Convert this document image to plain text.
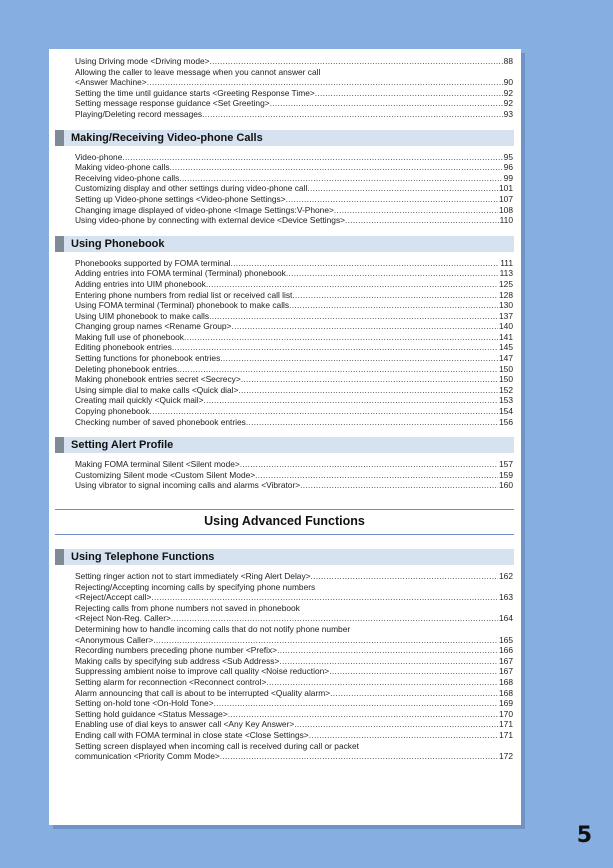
Using Driving mode <Driving mode> .....	88
Allowing the caller to leave message when you cannot answer call
<Answer Machine> .....	90
Setting the time until guidance starts <Greeting Response Time> .....	92
Setting message response guidance <Set Greeting> .....	92
Playing/Deleting record messages .....	93
Making/Receiving Video-phone Calls
Video-phone .....	95
Making video-phone calls .....	96
Receiving video-phone calls .....	99
Customizing display and other settings during video-phone call .....	101
Setting up Video-phone settings <Video-phone Settings> .....	107
Changing image displayed of video-phone <Image Settings:V-Phone> .....	108
Using video-phone by connecting with external device <Device Settings> .....	110
Using Phonebook
Phonebooks supported by FOMA terminal .....	111
Adding entries into FOMA terminal (Terminal) phonebook .....	113
Adding entries into UIM phonebook .....	125
Entering phone numbers from redial list or received call list .....	128
Using FOMA terminal (Terminal) phonebook to make calls .....	130
Using UIM phonebook to make calls .....	137
Changing group names <Rename Group> .....	140
Making full use of phonebook .....	141
Editing phonebook entries .....	145
Setting functions for phonebook entries .....	147
Deleting phonebook entries .....	150
Making phonebook entries secret <Secrecy> .....	150
Using simple dial to make calls <Quick dial> .....	152
Creating mail quickly <Quick mail> .....	153
Copying phonebook .....	154
Checking number of saved phonebook entries .....	156
Setting Alert Profile
Making FOMA terminal Silent <Silent mode> .....	157
Customizing Silent mode <Custom Silent Mode> .....	159
Using vibrator to signal incoming calls and alarms <Vibrator> .....	160
Using Advanced Functions
Using Telephone Functions
Setting ringer action not to start immediately <Ring Alert Delay> .....	162
Rejecting/Accepting incoming calls by specifying phone numbers
<Reject/Accept call> .....	163
Rejecting calls from phone numbers not saved in phonebook
<Reject Non-Reg. Caller> .....	164
Determining how to handle incoming calls that do not notify phone number
<Anonymous Caller> .....	165
Recording numbers preceding phone number <Prefix> .....	166
Making calls by specifying sub address <Sub Address> .....	167
Suppressing ambient noise to improve call quality <Noise reduction> .....	167
Setting alarm for reconnection <Reconnect control> .....	168
Alarm announcing that call is about to be interrupted <Quality alarm> .....	168
Setting on-hold tone <On-Hold Tone> .....	169
Setting hold guidance <Status Message> .....	170
Enabling use of dial keys to answer call <Any Key Answer> .....	171
Ending call with FOMA terminal in close state <Close Settings> .....	171
Setting screen displayed when incoming call is received during call or packet
communication <Priority Comm Mode> .....	172
5
